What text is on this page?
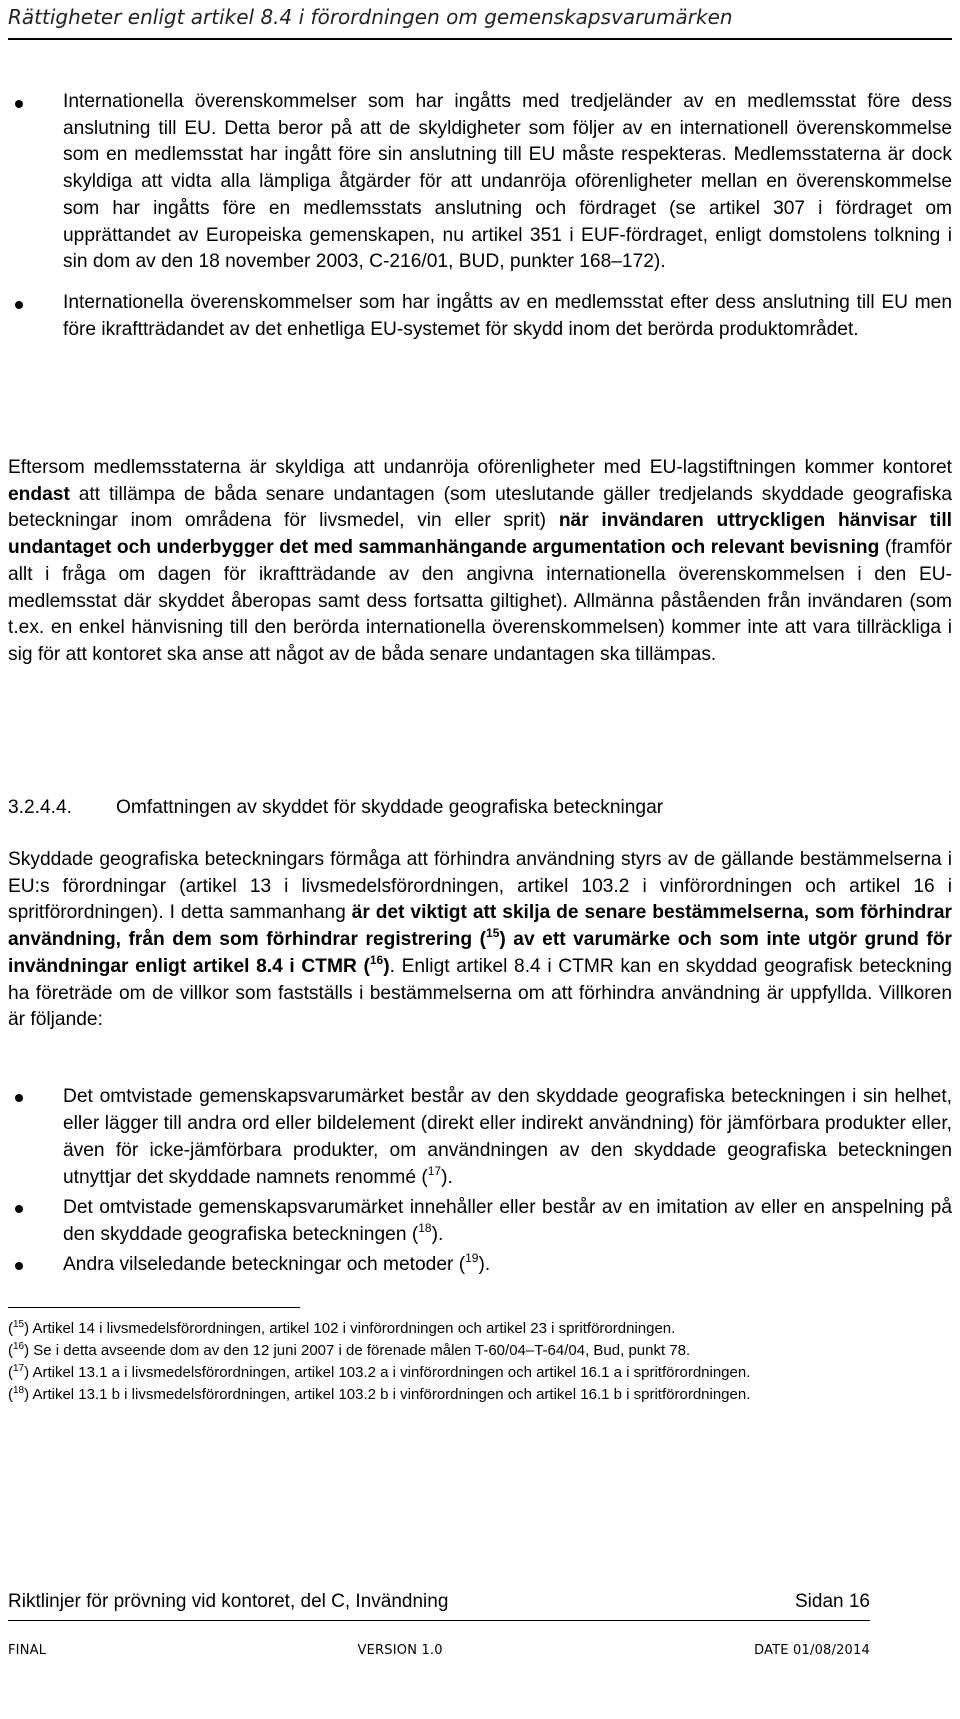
Rättigheter enligt artikel 8.4 i förordningen om gemenskapsvarumärken
Internationella överenskommelser som har ingåtts med tredjeländer av en medlemsstat före dess anslutning till EU. Detta beror på att de skyldigheter som följer av en internationell överenskommelse som en medlemsstat har ingått före sin anslutning till EU måste respekteras. Medlemsstaterna är dock skyldiga att vidta alla lämpliga åtgärder för att undanröja oförenligheter mellan en överenskommelse som har ingåtts före en medlemsstats anslutning och fördraget (se artikel 307 i fördraget om upprättandet av Europeiska gemenskapen, nu artikel 351 i EUF-fördraget, enligt domstolens tolkning i sin dom av den 18 november 2003, C-216/01, BUD, punkter 168–172).
Internationella överenskommelser som har ingåtts av en medlemsstat efter dess anslutning till EU men före ikraftträdandet av det enhetliga EU-systemet för skydd inom det berörda produktområdet.

Eftersom medlemsstaterna är skyldiga att undanröja oförenligheter med EU-lagstiftningen kommer kontoret endast att tillämpa de båda senare undantagen (som uteslutande gäller tredjelands skyddade geografiska beteckningar inom områdena för livsmedel, vin eller sprit) när invändaren uttryckligen hänvisar till undantaget och underbygger det med sammanhängande argumentation och relevant bevisning (framför allt i fråga om dagen för ikraftträdande av den angivna internationella överenskommelsen i den EU-medlemsstat där skyddet åberopas samt dess fortsatta giltighet). Allmänna påståenden från invändaren (som t.ex. en enkel hänvisning till den berörda internationella överenskommelsen) kommer inte att vara tillräckliga i sig för att kontoret ska anse att något av de båda senare undantagen ska tillämpas.

3.2.4.4. Omfattningen av skyddet för skyddade geografiska beteckningar

Skyddade geografiska beteckningars förmåga att förhindra användning styrs av de gällande bestämmelserna i EU:s förordningar (artikel 13 i livsmedelsförordningen, artikel 103.2 i vinförordningen och artikel 16 i spritförordningen). I detta sammanhang är det viktigt att skilja de senare bestämmelserna, som förhindrar användning, från dem som förhindrar registrering ($^{15}$) av ett varumärke och som inte utgör grund för invändningar enligt artikel 8.4 i CTMR ($^{16}$). Enligt artikel 8.4 i CTMR kan en skyddad geografisk beteckning ha företräde om de villkor som fastställs i bestämmelserna om att förhindra användning är uppfyllda. Villkoren är följande:

Det omtvistade gemenskapsvarumärket består av den skyddade geografiska beteckningen i sin helhet, eller lägger till andra ord eller bildelement (direkt eller indirekt användning) för jämförbara produkter eller, även för icke-jämförbara produkter, om användningen av den skyddade geografiska beteckningen utnyttjar det skyddade namnets renommé ($^{17}$).
Det omtvistade gemenskapsvarumärket innehåller eller består av en imitation av eller en anspelning på den skyddade geografiska beteckningen ($^{18}$).
Andra vilseledande beteckningar och metoder ($^{19}$).

($^{15}$) Artikel 14 i livsmedelsförordningen, artikel 102 i vinförordningen och artikel 23 i spritförordningen.

($^{16}$) Se i detta avseende dom av den 12 juni 2007 i de förenade målen T-60/04–T-64/04, Bud, punkt 78.

($^{17}$) Artikel 13.1 a i livsmedelsförordningen, artikel 103.2 a i vinförordningen och artikel 16.1 a i spritförordningen.

($^{18}$) Artikel 13.1 b i livsmedelsförordningen, artikel 103.2 b i vinförordningen och artikel 16.1 b i spritförordningen.

Riktlinjer för prövning vid kontoret, del C, Invändning	Sidan 16
FINAL	VERSION 1.0	DATE 01/08/2014
